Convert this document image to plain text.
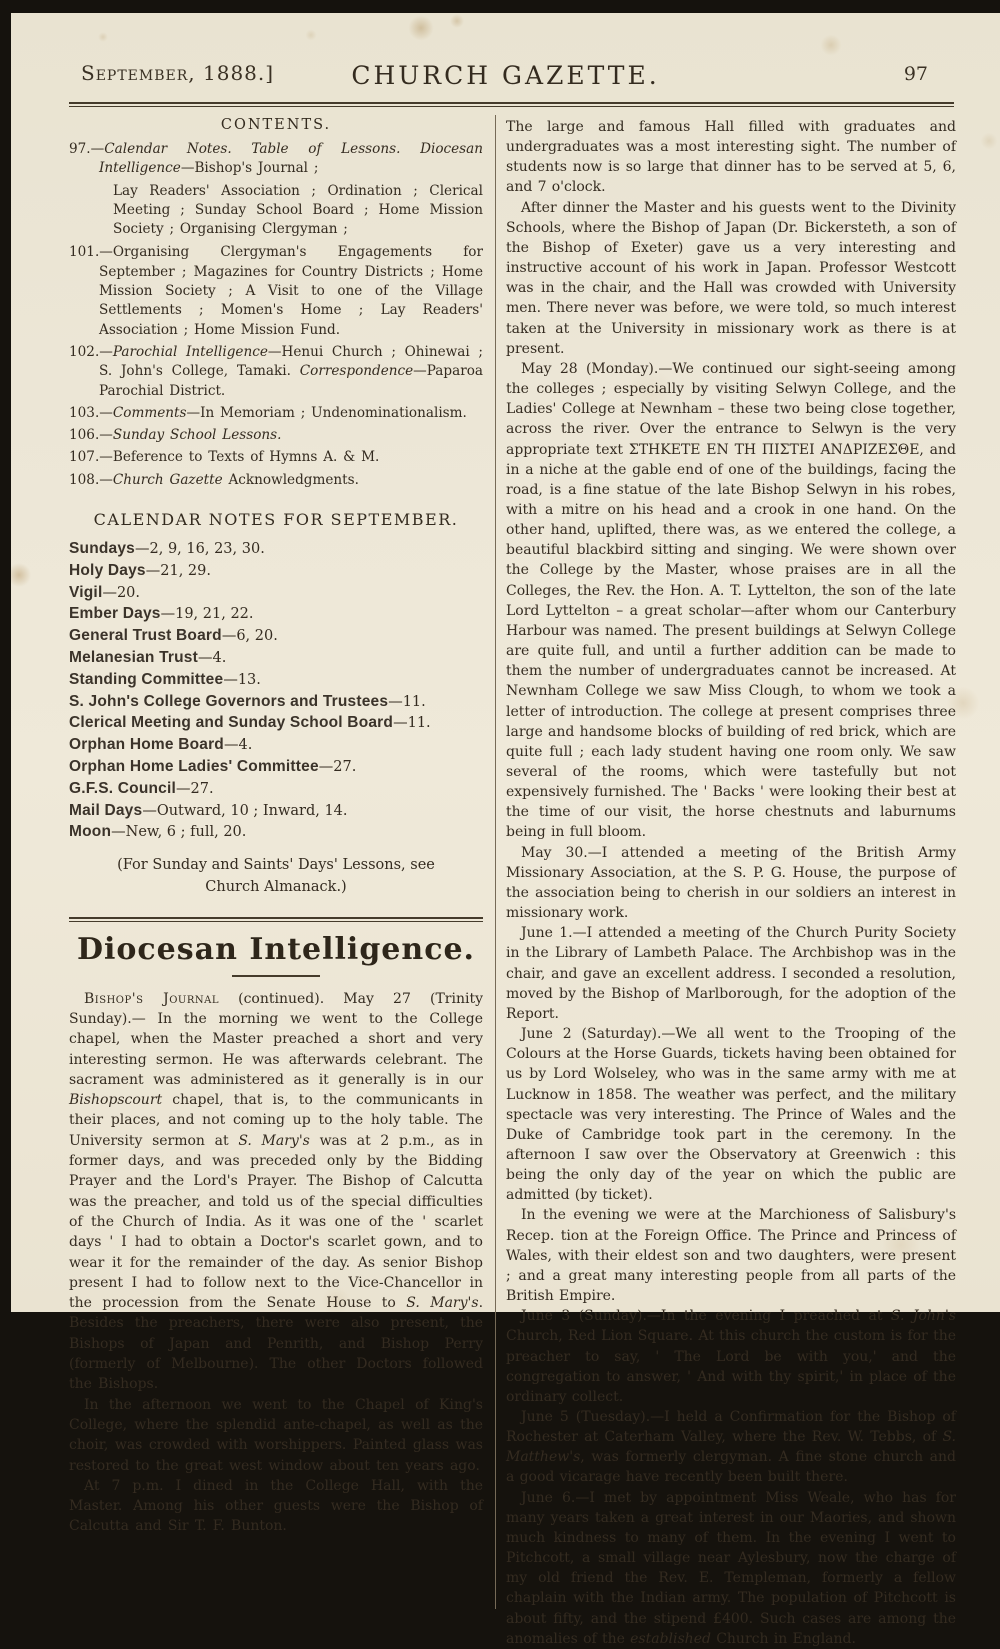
September, 1888.]	CHURCH GAZETTE.	97
CONTENTS.
97.—Calendar Notes. Table of Lessons. Diocesan Intelligence—Bishop's Journal ;
Lay Readers' Association ; Ordination ; Clerical Meeting ; Sunday School Board ; Home Mission Society ; Organising Clergyman ;
101.—Organising Clergyman's Engagements for September ; Magazines for Country Districts ; Home Mission Society ; A Visit to one of the Village Settlements ; Momen's Home ; Lay Readers' Association ; Home Mission Fund.
102.—Parochial Intelligence—Henui Church ; Ohinewai ; S. John's College, Tamaki. Correspondence—Paparoa Parochial District.
103.—Comments—In Memoriam ; Undenominationalism.
106.—Sunday School Lessons.
107.—Beference to Texts of Hymns A. & M.
108.—Church Gazette Acknowledgments.
CALENDAR NOTES FOR SEPTEMBER.
Sundays—2, 9, 16, 23, 30.
Holy Days—21, 29.
Vigil—20.
Ember Days—19, 21, 22.
General Trust Board—6, 20.
Melanesian Trust—4.
Standing Committee—13.
S. John's College Governors and Trustees—11.
Clerical Meeting and Sunday School Board—11.
Orphan Home Board—4.
Orphan Home Ladies' Committee—27.
G.F.S. Council—27.
Mail Days—Outward, 10 ; Inward, 14.
Moon—New, 6 ; full, 20.

(For Sunday and Saints' Days' Lessons, see Church Almanack.)

Diocesan Intelligence.
Bishop's Journal (continued). May 27 (Trinity Sunday).— In the morning we went to the College chapel, when the Master preached a short and very interesting sermon. He was afterwards celebrant. The sacrament was administered as it generally is in our Bishopscourt chapel, that is, to the communicants in their places, and not coming up to the holy table. The University sermon at S. Mary's was at 2 p.m., as in former days, and was preceded only by the Bidding Prayer and the Lord's Prayer. The Bishop of Calcutta was the preacher, and told us of the special difficulties of the Church of India. As it was one of the ' scarlet days ' I had to obtain a Doctor's scarlet gown, and to wear it for the remainder of the day. As senior Bishop present I had to follow next to the Vice-Chancellor in the procession from the Senate House to S. Mary's. Besides the preachers, there were also present, the Bishops of Japan and Penrith, and Bishop Perry (formerly of Melbourne). The other Doctors followed the Bishops.
In the afternoon we went to the Chapel of King's College, where the splendid ante-chapel, as well as the choir, was crowded with worshippers. Painted glass was restored to the great west window about ten years ago.
At 7 p.m. I dined in the College Hall, with the Master. Among his other guests were the Bishop of Calcutta and Sir T. F. Bunton.
The large and famous Hall filled with graduates and undergraduates was a most interesting sight. The number of students now is so large that dinner has to be served at 5, 6, and 7 o'clock.
After dinner the Master and his guests went to the Divinity Schools, where the Bishop of Japan (Dr. Bickersteth, a son of the Bishop of Exeter) gave us a very interesting and instructive account of his work in Japan. Professor Westcott was in the chair, and the Hall was crowded with University men. There never was before, we were told, so much interest taken at the University in missionary work as there is at present.
May 28 (Monday).—We continued our sight-seeing among the colleges ; especially by visiting Selwyn College, and the Ladies' College at Newnham – these two being close together, across the river. Over the entrance to Selwyn is the very appropriate text ΣΤΗΚΕΤΕ ΕΝ ΤΗ ΠΙΣΤΕΙ ΑΝΔΡΙΖΕΣΘΕ, and in a niche at the gable end of one of the buildings, facing the road, is a fine statue of the late Bishop Selwyn in his robes, with a mitre on his head and a crook in one hand. On the other hand, uplifted, there was, as we entered the college, a beautiful blackbird sitting and singing. We were shown over the College by the Master, whose praises are in all the Colleges, the Rev. the Hon. A. T. Lyttelton, the son of the late Lord Lyttelton – a great scholar—after whom our Canterbury Harbour was named. The present buildings at Selwyn College are quite full, and until a further addition can be made to them the number of undergraduates cannot be increased. At Newnham College we saw Miss Clough, to whom we took a letter of introduction. The college at present comprises three large and handsome blocks of building of red brick, which are quite full ; each lady student having one room only. We saw several of the rooms, which were tastefully but not expensively furnished. The ' Backs ' were looking their best at the time of our visit, the horse chestnuts and laburnums being in full bloom.
May 30.—I attended a meeting of the British Army Missionary Association, at the S. P. G. House, the purpose of the association being to cherish in our soldiers an interest in missionary work.
June 1.—I attended a meeting of the Church Purity Society in the Library of Lambeth Palace. The Archbishop was in the chair, and gave an excellent address. I seconded a resolution, moved by the Bishop of Marlborough, for the adoption of the Report.
June 2 (Saturday).—We all went to the Trooping of the Colours at the Horse Guards, tickets having been obtained for us by Lord Wolseley, who was in the same army with me at Lucknow in 1858. The weather was perfect, and the military spectacle was very interesting. The Prince of Wales and the Duke of Cambridge took part in the ceremony. In the afternoon I saw over the Observatory at Greenwich : this being the only day of the year on which the public are admitted (by ticket).
In the evening we were at the Marchioness of Salisbury's Recep. tion at the Foreign Office. The Prince and Princess of Wales, with their eldest son and two daughters, were present ; and a great many interesting people from all parts of the British Empire.
June 3 (Sunday).—In the evening I preached at S. John's Church, Red Lion Square. At this church the custom is for the preacher to say, ' The Lord be with you,' and the congregation to answer, ' And with thy spirit,' in place of the ordinary collect.
June 5 (Tuesday).—I held a Confirmation for the Bishop of Rochester at Caterham Valley, where the Rev. W. Tebbs, of S. Matthew's, was formerly clergyman. A fine stone church and a good vicarage have recently been built there.
June 6.—I met by appointment Miss Weale, who has for many years taken a great interest in our Maories, and shown much kindness to many of them. In the evening I went to Pitchcott, a small village near Aylesbury, now the charge of my old friend the Rev. E. Templeman, formerly a fellow chaplain with the Indian army. The population of Pitchcott is about fifty, and the stipend £400. Such cases are among the anomalies of the established Church in England.
